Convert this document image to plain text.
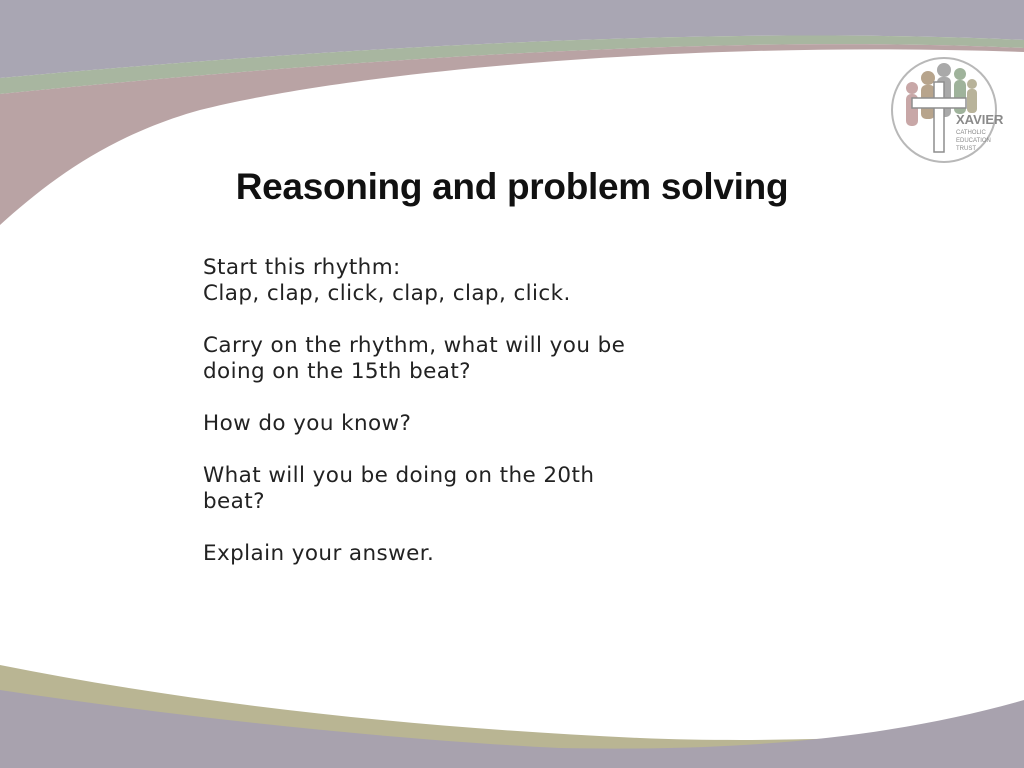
XAVIER
CATHOLIC
EDUCATION
TRUST
Reasoning and problem solving
Start this rhythm:
Clap, clap, click, clap, clap, click.
Carry on the rhythm, what will you be
doing on the 15th beat?
How do you know?
What will you be doing on the 20th
beat?
Explain your answer.
